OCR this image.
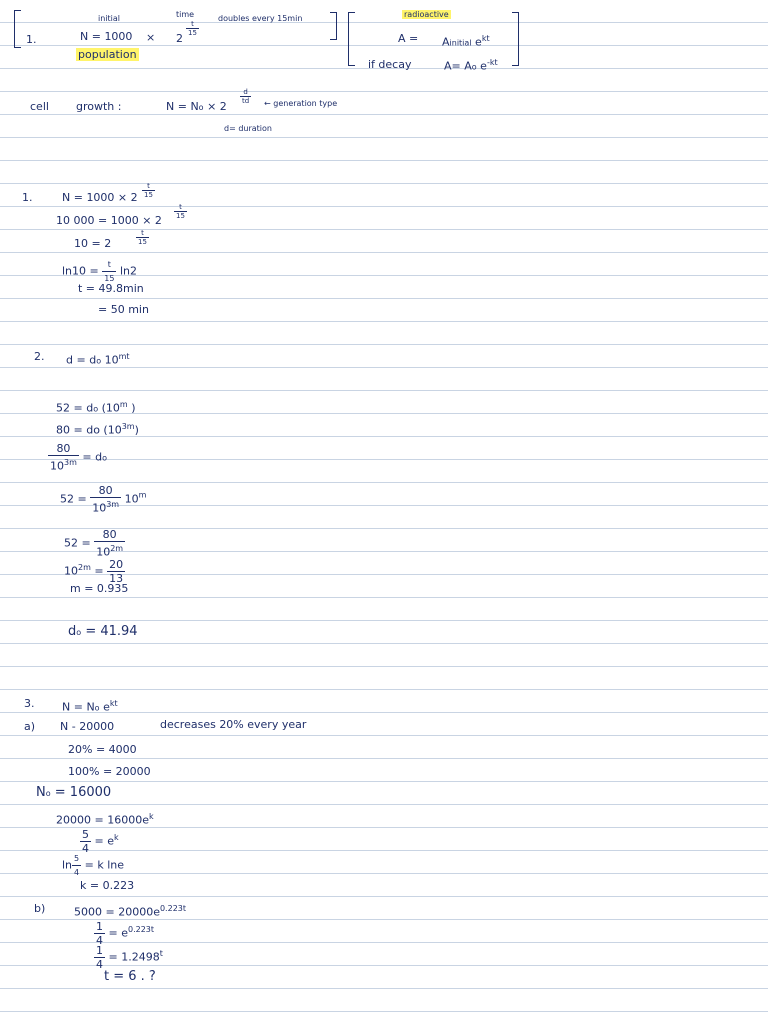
1.
initial
N = 1000
population
× 2
$\frac{t}{15}$
time	doubles every 15min	radioactive
A = Ainitial $e^{kt}$
if decay	A= Ao $e^{-kt}$
cell growth :	N = No × 2
$\frac{d}{td}$ ← generation type
d= duration
1.	$N = 1000 \times 2 \frac{t}{15}$
10 000 = 1000 × 2
$\frac{t}{15}$
10 = 2	$\frac{t}{15}$
$\ln 10 = \frac{t}{15} \ln 2$
t = 49.8min
= 50 min
2. d = do $10^{mt}$
52 = do (10$^m$ )
80 = do $(10^{3m})$
$\frac{80}{10^{3m}}$ = do
$52 = \frac{80}{10^{3m}} 10^m$
$52 = \frac{80}{10^{2m}}$
$10^{2m} = \frac{20}{13}$
m = 0.935
do = 41.94
3.	N = No $e^{kt}$
a) N - 20000	decreases 20% every year
20% = 4000
100% = 20000
No = 16000
$20000 = 16000e^k$
$\frac{5}{4} = e^k$
$\ln \frac{5}{4} = k$ lne
k = 0.223
b)	$5000 = 20000e^{0.223t}$
$\frac{1}{4} = e^{0.223t}$
$\frac{1}{4} = 1.2498^t$
t = 6 . ?
